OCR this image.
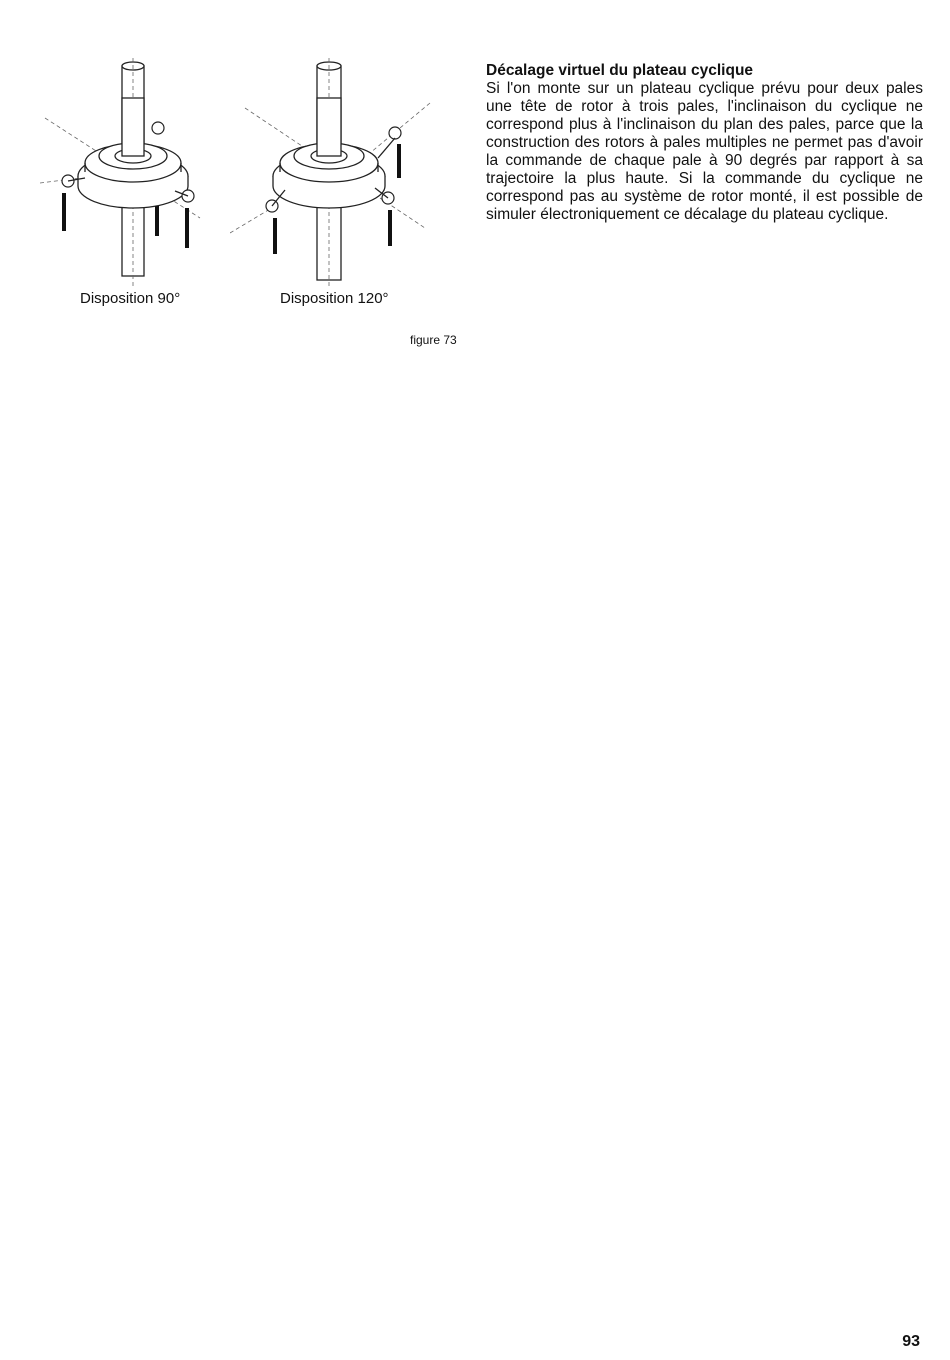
Disposition 90°	Disposition 120°
figure 73
Décalage virtuel du plateau cyclique

Si l'on monte sur un plateau cyclique prévu pour deux pales une tête de rotor à trois pales, l'inclinaison du cyclique ne correspond plus à l'inclinaison du plan des pales, parce que la construction des rotors à pales multiples ne permet pas d'avoir la commande de chaque pale à 90 degrés par rapport à sa trajectoire la plus haute. Si la commande du cyclique ne correspond pas au système de rotor monté, il est possible de simuler électroniquement ce décalage du plateau cyclique.

93
